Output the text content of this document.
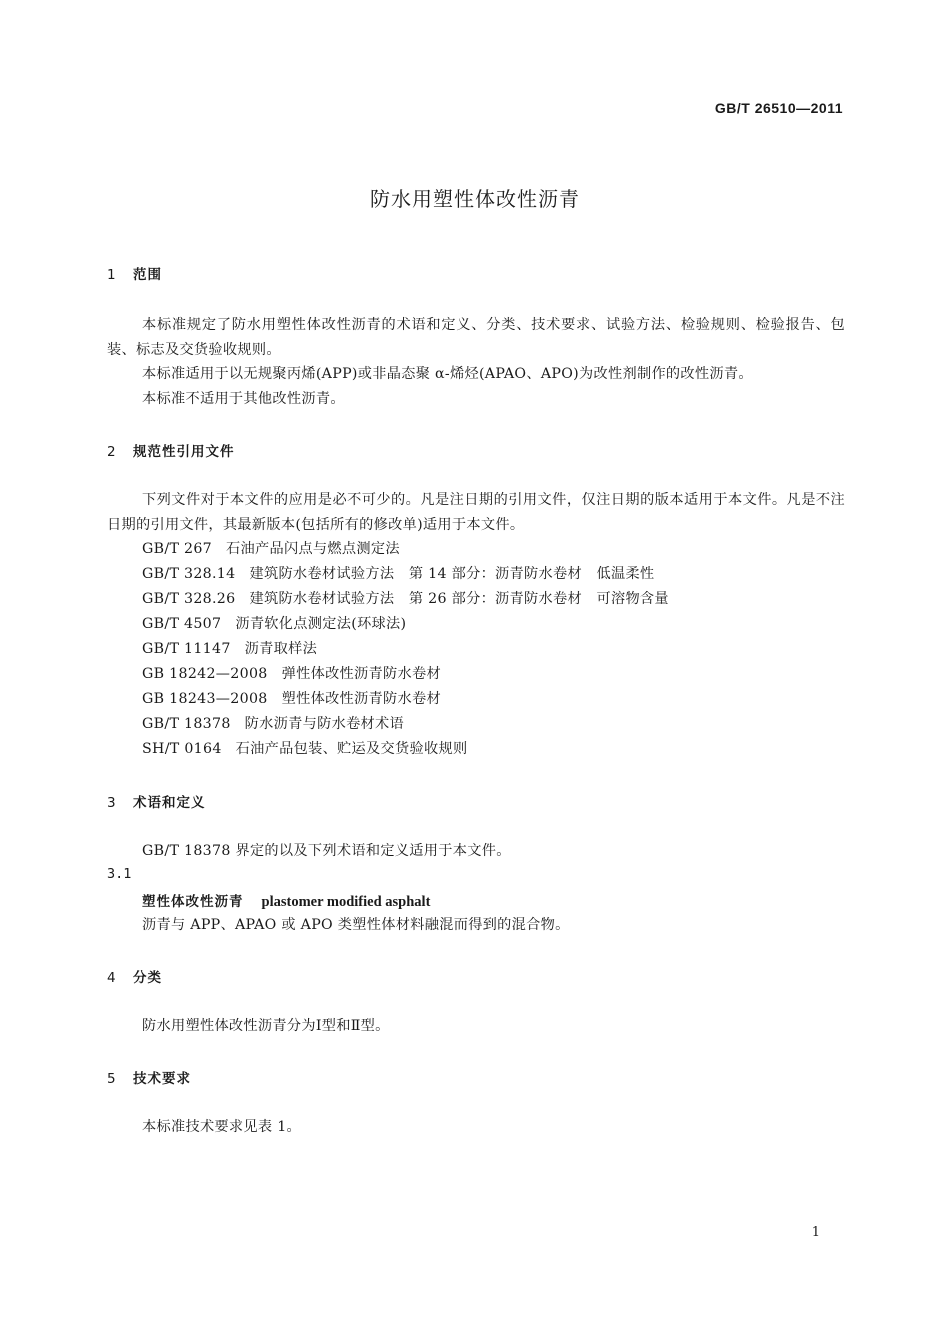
GB/T 26510—2011
防水用塑性体改性沥青
1 范围
本标准规定了防水用塑性体改性沥青的术语和定义、分类、技术要求、试验方法、检验规则、检验报告、包装、标志及交货验收规则。
本标准适用于以无规聚丙烯(APP)或非晶态聚 α-烯烃(APAO、APO)为改性剂制作的改性沥青。
本标准不适用于其他改性沥青。
2 规范性引用文件
下列文件对于本文件的应用是必不可少的。凡是注日期的引用文件，仅注日期的版本适用于本文件。凡是不注日期的引用文件，其最新版本(包括所有的修改单)适用于本文件。
GB/T 267 石油产品闪点与燃点测定法
GB/T 328.14 建筑防水卷材试验方法　第 14 部分：沥青防水卷材　低温柔性
GB/T 328.26 建筑防水卷材试验方法　第 26 部分：沥青防水卷材　可溶物含量
GB/T 4507 沥青软化点测定法(环球法)
GB/T 11147 沥青取样法
GB 18242—2008 弹性体改性沥青防水卷材
GB 18243—2008 塑性体改性沥青防水卷材
GB/T 18378 防水沥青与防水卷材术语
SH/T 0164 石油产品包装、贮运及交货验收规则
3 术语和定义
GB/T 18378 界定的以及下列术语和定义适用于本文件。
3.1
塑性体改性沥青 plastomer modified asphalt
沥青与 APP、APAO 或 APO 类塑性体材料融混而得到的混合物。
4 分类
防水用塑性体改性沥青分为Ⅰ型和Ⅱ型。
5 技术要求
本标准技术要求见表 1。
1
